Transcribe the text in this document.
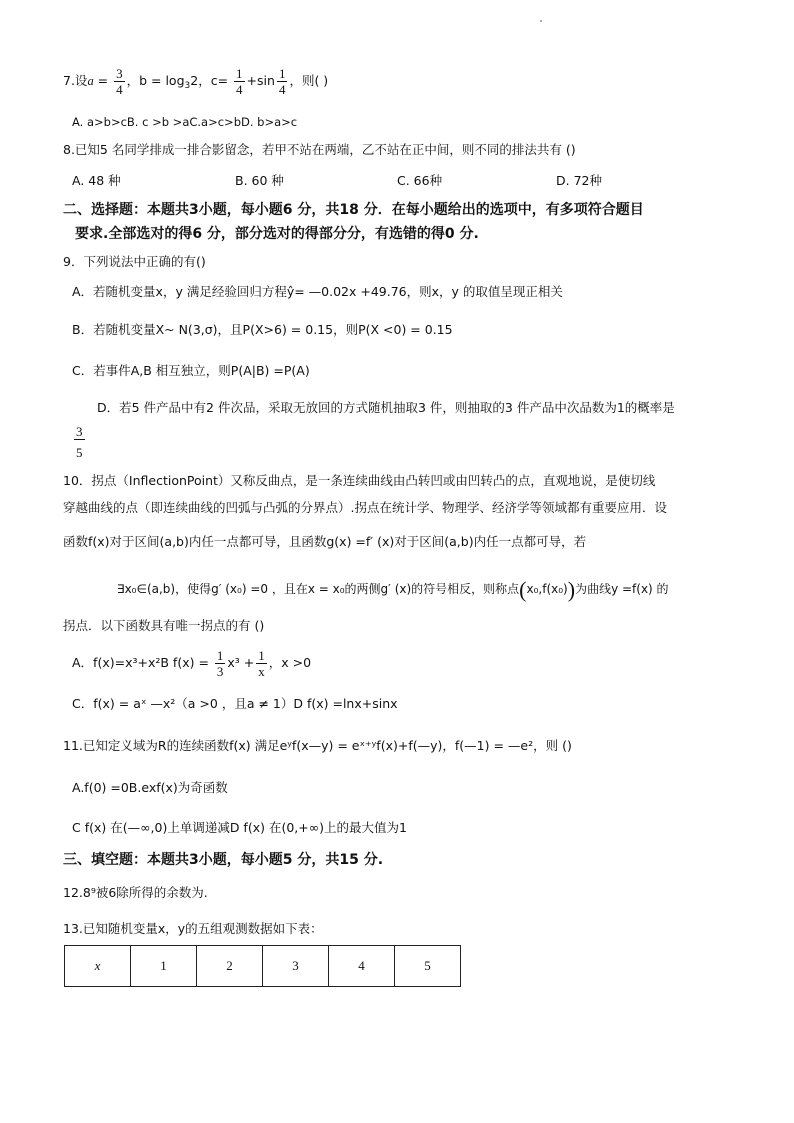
7.设$a = \frac{3}{4}$ ，$b = \log_32$，$c= \frac{1}{4} +\sin \frac{1}{4}$ ，则( )
A. a>b>cB. c >b >aC.a>c>bD. b>a>c
8.已知5 名同学排成一排合影留念，若甲不站在两端，乙不站在正中间，则不同的排法共有 ()
A. 48 种	B. 60 种	C. 66种	D. 72种
二、选择题：本题共3小题，每小题6 分，共18 分．在每小题给出的选项中，有多项符合题目
要求.全部选对的得6 分，部分选对的得部分分，有选错的得0 分.
9．下列说法中正确的有()
A．若随机变量x，y 满足经验回归方程ŷ= —0.02x +49.76，则x，y 的取值呈现正相关
B．若随机变量X~ N(3,σ)，且P(X>6) = 0.15，则P(X <0) = 0.15
C．若事件A,B 相互独立，则P(A|B) =P(A)
D．若5 件产品中有2 件次品，采取无放回的方式随机抽取3 件，则抽取的3 件产品中次品数为1的概率是
$\frac{3}{5}$
10．拐点（InflectionPoint）又称反曲点，是一条连续曲线由凸转凹或由凹转凸的点，直观地说，是使切线
穿越曲线的点（即连续曲线的凹弧与凸弧的分界点）.拐点在统计学、物理学、经济学等领域都有重要应用．设
函数f(x)对于区间(a,b)内任一点都可导，且函数g(x) =f′ (x)对于区间(a,b)内任一点都可导，若
∃x₀∈(a,b)，使得g′ (x₀) =0 ，且在x = x₀的两侧g′ (x)的符号相反，则称点(x₀,f(x₀))为曲线y =f(x) 的
拐点．以下函数具有唯一拐点的有 ()
A．f(x)=x³+x²B $f(x) = \frac{1}{3} x^3 + \frac{1}{x}$ ，x >0
C．f(x) = aˣ —x²（a >0 ，且a ≠ 1）D f(x) =lnx+sinx
11.已知定义域为R的连续函数f(x) 满足eʸf(x—y) = eˣ⁺ʸf(x)+f(—y)，f(—1) = —e²，则 ()
A.f(0) =0B.exf(x)为奇函数
C f(x) 在(—∞,0)上单调递减D f(x) 在(0,+∞)上的最大值为1
三、填空题：本题共3小题，每小题5 分，共15 分.
12.8⁹被6除所得的余数为.
13.已知随机变量x，y的五组观测数据如下表：
x	1	2	3	4	5
